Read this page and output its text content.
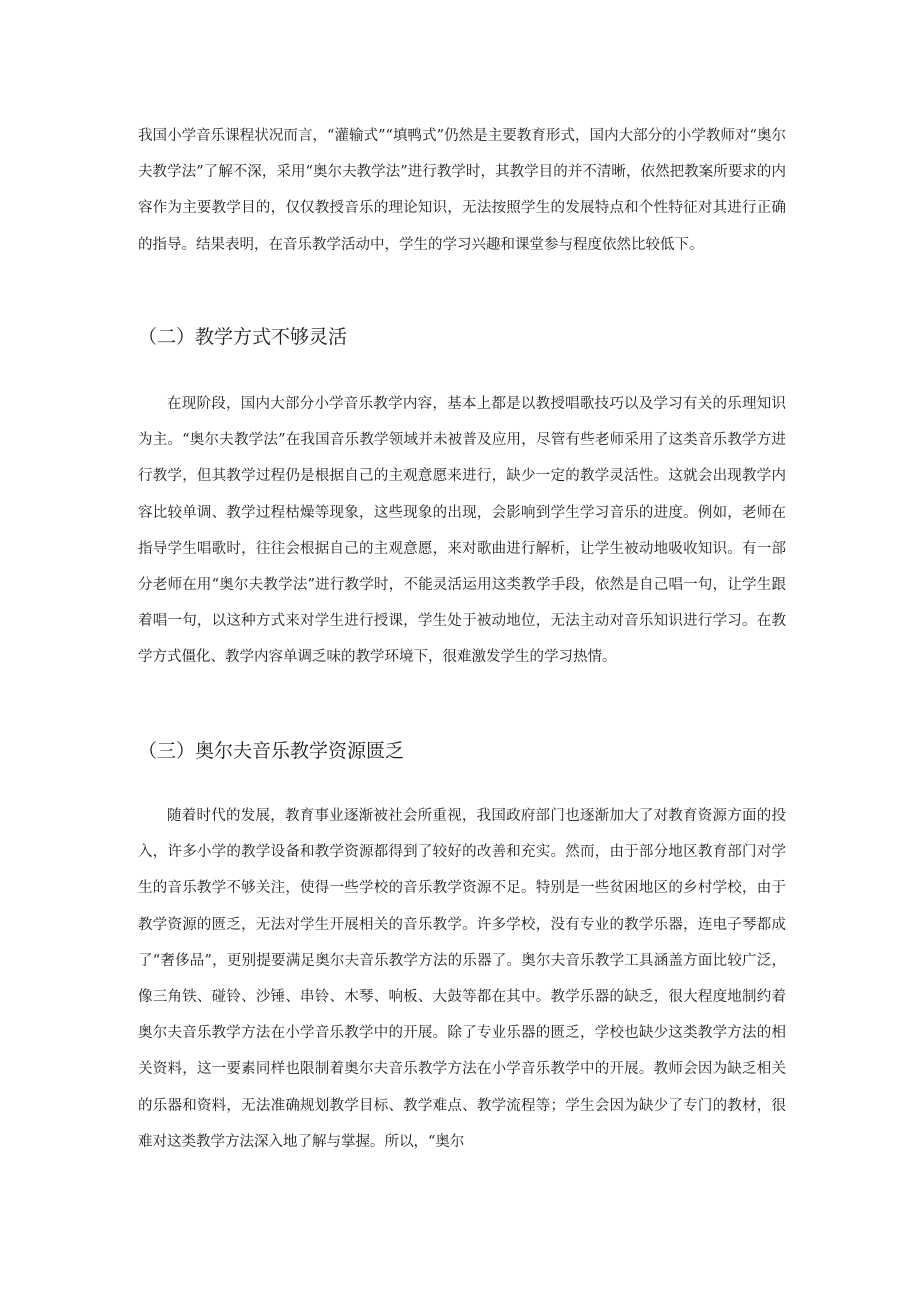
我国小学音乐课程状况而言，“灌输式”“填鸭式”仍然是主要教育形式，国内大部分的小学教师对“奥尔夫教学法”了解不深，采用“奥尔夫教学法”进行教学时，其教学目的并不清晰，依然把教案所要求的内容作为主要教学目的，仅仅教授音乐的理论知识，无法按照学生的发展特点和个性特征对其进行正确的指导。结果表明，在音乐教学活动中，学生的学习兴趣和课堂参与程度依然比较低下。

（二）教学方式不够灵活

在现阶段，国内大部分小学音乐教学内容，基本上都是以教授唱歌技巧以及学习有关的乐理知识为主。“奥尔夫教学法”在我国音乐教学领域并未被普及应用，尽管有些老师采用了这类音乐教学方进行教学，但其教学过程仍是根据自己的主观意愿来进行，缺少一定的教学灵活性。这就会出现教学内容比较单调、教学过程枯燥等现象，这些现象的出现，会影响到学生学习音乐的进度。例如，老师在指导学生唱歌时，往往会根据自己的主观意愿，来对歌曲进行解析，让学生被动地吸收知识。有一部分老师在用“奥尔夫教学法”进行教学时，不能灵活运用这类教学手段，依然是自己唱一句，让学生跟着唱一句，以这种方式来对学生进行授课，学生处于被动地位，无法主动对音乐知识进行学习。在教学方式僵化、教学内容单调乏味的教学环境下，很难激发学生的学习热情。

（三）奥尔夫音乐教学资源匮乏

随着时代的发展，教育事业逐渐被社会所重视，我国政府部门也逐渐加大了对教育资源方面的投入，许多小学的教学设备和教学资源都得到了较好的改善和充实。然而，由于部分地区教育部门对学生的音乐教学不够关注，使得一些学校的音乐教学资源不足。特别是一些贫困地区的乡村学校，由于教学资源的匮乏，无法对学生开展相关的音乐教学。许多学校，没有专业的教学乐器，连电子琴都成了“奢侈品”，更别提要满足奥尔夫音乐教学方法的乐器了。奥尔夫音乐教学工具涵盖方面比较广泛，像三角铁、碰铃、沙锤、串铃、木琴、响板、大鼓等都在其中。教学乐器的缺乏，很大程度地制约着奥尔夫音乐教学方法在小学音乐教学中的开展。除了专业乐器的匮乏，学校也缺少这类教学方法的相关资料，这一要素同样也限制着奥尔夫音乐教学方法在小学音乐教学中的开展。教师会因为缺乏相关的乐器和资料，无法准确规划教学目标、教学难点、教学流程等；学生会因为缺少了专门的教材，很难对这类教学方法深入地了解与掌握。所以，“奥尔
